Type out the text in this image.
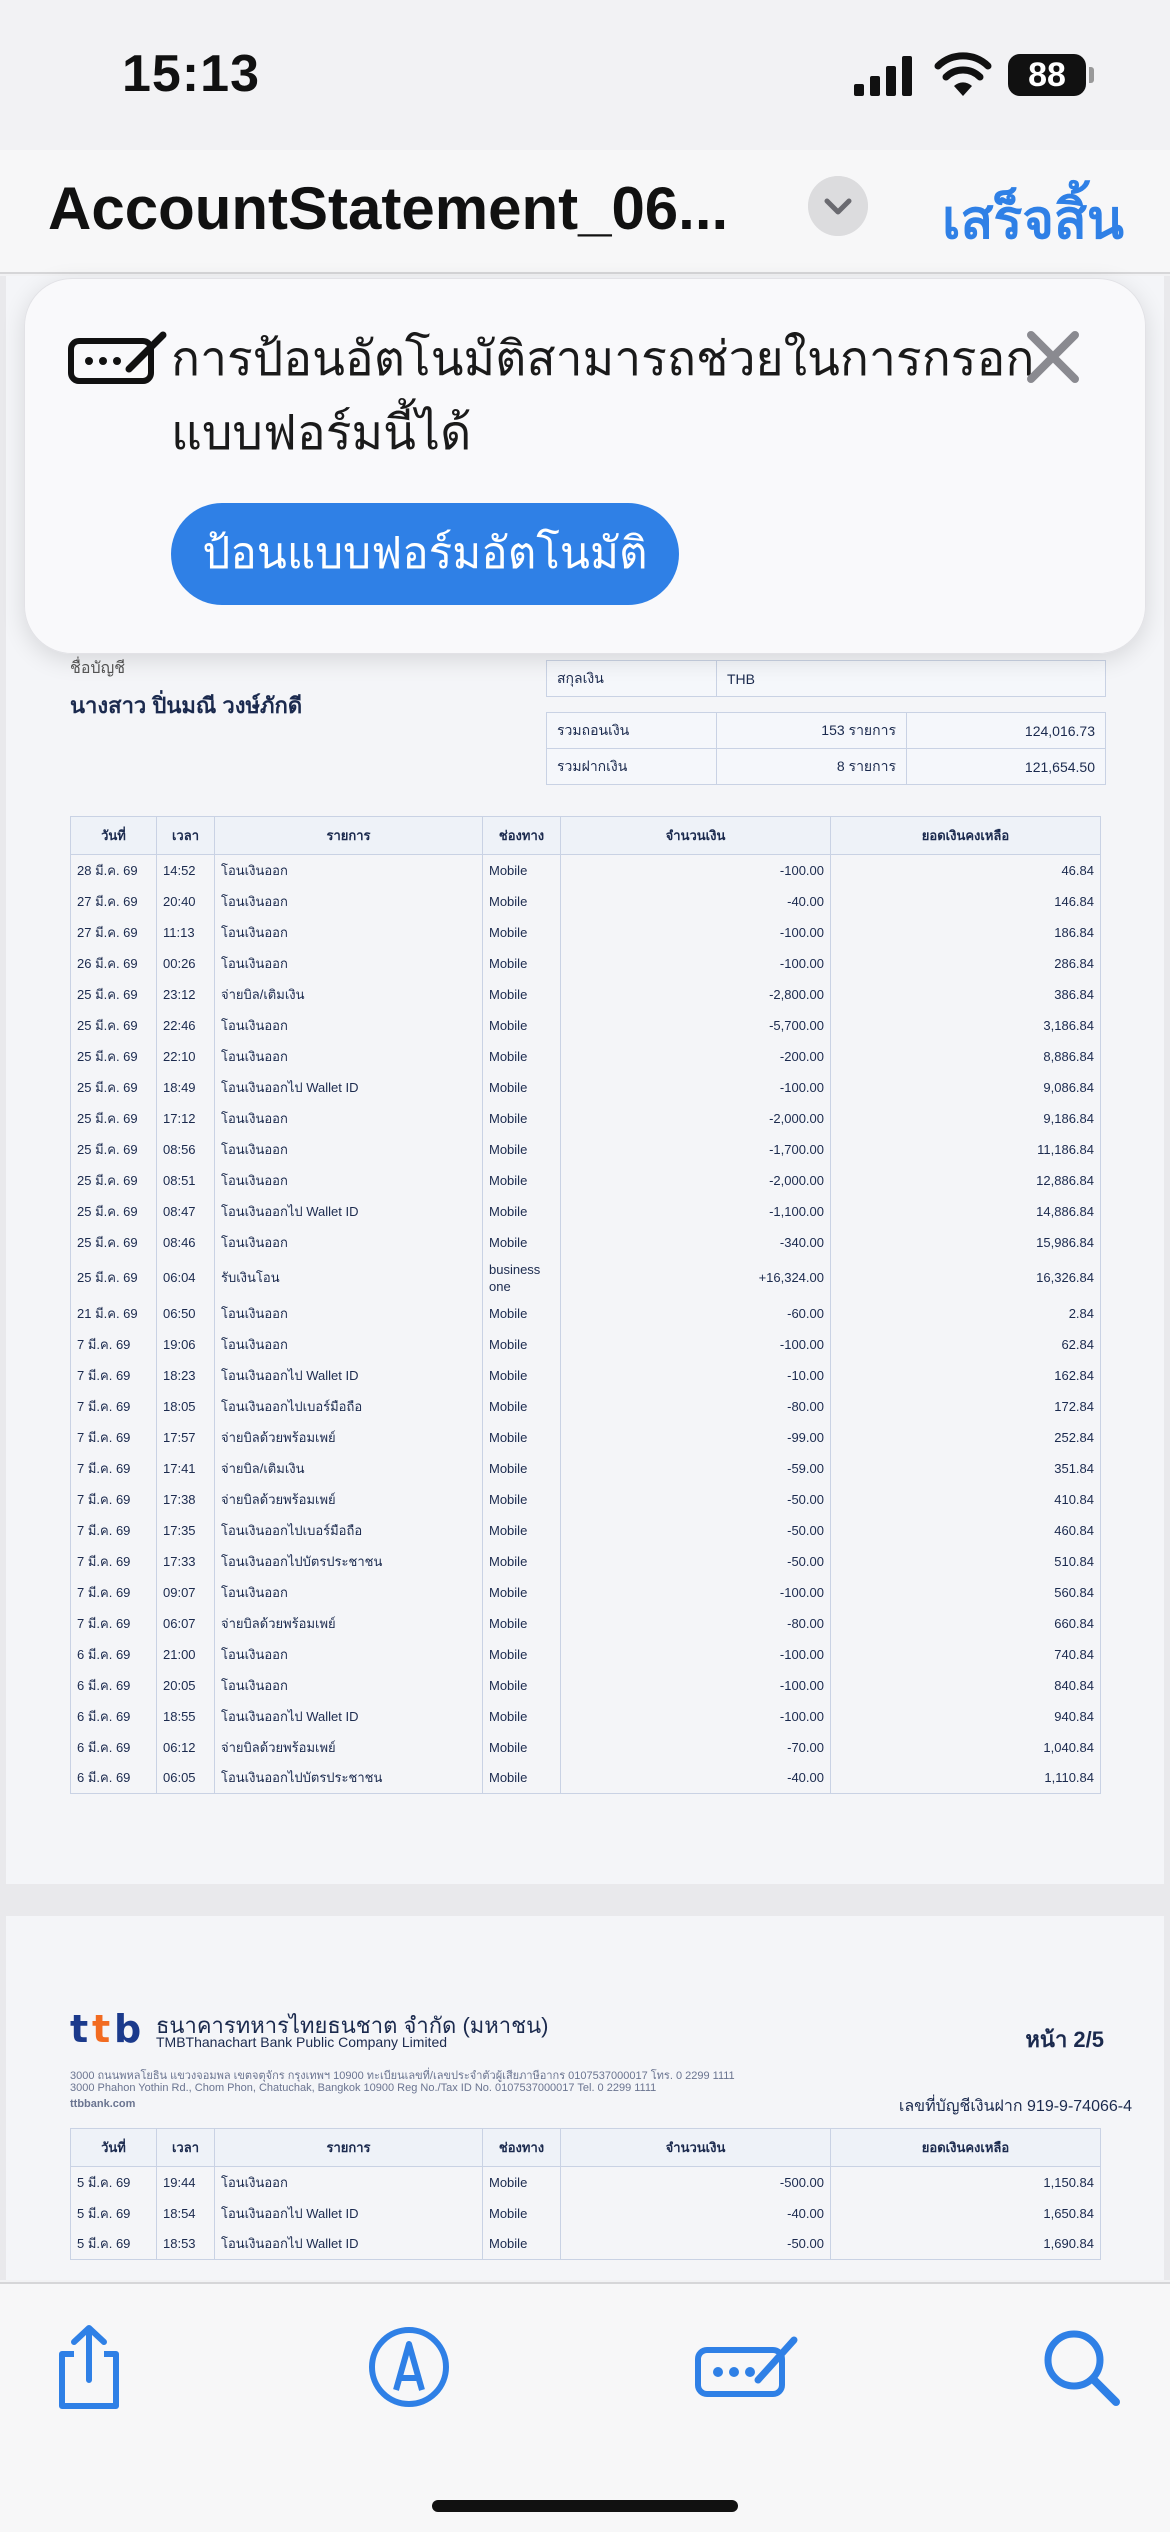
15:13	88
AccountStatement_06...	เสร็จสิ้น
ชื่อบัญชี
นางสาว ปิ่นมณี วงษ์ภักดี
สกุลเงิน	THB
รวมถอนเงิน	153 รายการ	124,016.73
รวมฝากเงิน	8 รายการ	121,654.50
วันที่	เวลา	รายการ	ช่องทาง	จำนวนเงิน	ยอดเงินคงเหลือ
28 มี.ค. 69	14:52	โอนเงินออก	Mobile	-100.00	46.84
27 มี.ค. 69	20:40	โอนเงินออก	Mobile	-40.00	146.84
27 มี.ค. 69	11:13	โอนเงินออก	Mobile	-100.00	186.84
26 มี.ค. 69	00:26	โอนเงินออก	Mobile	-100.00	286.84
25 มี.ค. 69	23:12	จ่ายบิล/เติมเงิน	Mobile	-2,800.00	386.84
25 มี.ค. 69	22:46	โอนเงินออก	Mobile	-5,700.00	3,186.84
25 มี.ค. 69	22:10	โอนเงินออก	Mobile	-200.00	8,886.84
25 มี.ค. 69	18:49	โอนเงินออกไป Wallet ID	Mobile	-100.00	9,086.84
25 มี.ค. 69	17:12	โอนเงินออก	Mobile	-2,000.00	9,186.84
25 มี.ค. 69	08:56	โอนเงินออก	Mobile	-1,700.00	11,186.84
25 มี.ค. 69	08:51	โอนเงินออก	Mobile	-2,000.00	12,886.84
25 มี.ค. 69	08:47	โอนเงินออกไป Wallet ID	Mobile	-1,100.00	14,886.84
25 มี.ค. 69	08:46	โอนเงินออก	Mobile	-340.00	15,986.84
25 มี.ค. 69	06:04	รับเงินโอน	business one	+16,324.00	16,326.84
21 มี.ค. 69	06:50	โอนเงินออก	Mobile	-60.00	2.84
7 มี.ค. 69	19:06	โอนเงินออก	Mobile	-100.00	62.84
7 มี.ค. 69	18:23	โอนเงินออกไป Wallet ID	Mobile	-10.00	162.84
7 มี.ค. 69	18:05	โอนเงินออกไปเบอร์มือถือ	Mobile	-80.00	172.84
7 มี.ค. 69	17:57	จ่ายบิลด้วยพร้อมเพย์	Mobile	-99.00	252.84
7 มี.ค. 69	17:41	จ่ายบิล/เติมเงิน	Mobile	-59.00	351.84
7 มี.ค. 69	17:38	จ่ายบิลด้วยพร้อมเพย์	Mobile	-50.00	410.84
7 มี.ค. 69	17:35	โอนเงินออกไปเบอร์มือถือ	Mobile	-50.00	460.84
7 มี.ค. 69	17:33	โอนเงินออกไปบัตรประชาชน	Mobile	-50.00	510.84
7 มี.ค. 69	09:07	โอนเงินออก	Mobile	-100.00	560.84
7 มี.ค. 69	06:07	จ่ายบิลด้วยพร้อมเพย์	Mobile	-80.00	660.84
6 มี.ค. 69	21:00	โอนเงินออก	Mobile	-100.00	740.84
6 มี.ค. 69	20:05	โอนเงินออก	Mobile	-100.00	840.84
6 มี.ค. 69	18:55	โอนเงินออกไป Wallet ID	Mobile	-100.00	940.84
6 มี.ค. 69	06:12	จ่ายบิลด้วยพร้อมเพย์	Mobile	-70.00	1,040.84
6 มี.ค. 69	06:05	โอนเงินออกไปบัตรประชาชน	Mobile	-40.00	1,110.84
t t b ธนาคารทหารไทยธนชาต จำกัด (มหาชน)
TMBThanachart Bank Public Company Limited
3000 ถนนพหลโยธิน แขวงจอมพล เขตจตุจักร กรุงเทพฯ 10900 ทะเบียนเลขที่/เลขประจำตัวผู้เสียภาษีอากร 0107537000017 โทร. 0 2299 1111
3000 Phahon Yothin Rd., Chom Phon, Chatuchak, Bangkok 10900 Reg No./Tax ID No. 0107537000017 Tel. 0 2299 1111
ttbbank.com
หน้า 2/5
เลขที่บัญชีเงินฝาก 919-9-74066-4
วันที่	เวลา	รายการ	ช่องทาง	จำนวนเงิน	ยอดเงินคงเหลือ
5 มี.ค. 69	19:44	โอนเงินออก	Mobile	-500.00	1,150.84
5 มี.ค. 69	18:54	โอนเงินออกไป Wallet ID	Mobile	-40.00	1,650.84
5 มี.ค. 69	18:53	โอนเงินออกไป Wallet ID	Mobile	-50.00	1,690.84
การป้อนอัตโนมัติสามารถช่วยในการกรอกแบบฟอร์มนี้ได้
ป้อนแบบฟอร์มอัตโนมัติ
